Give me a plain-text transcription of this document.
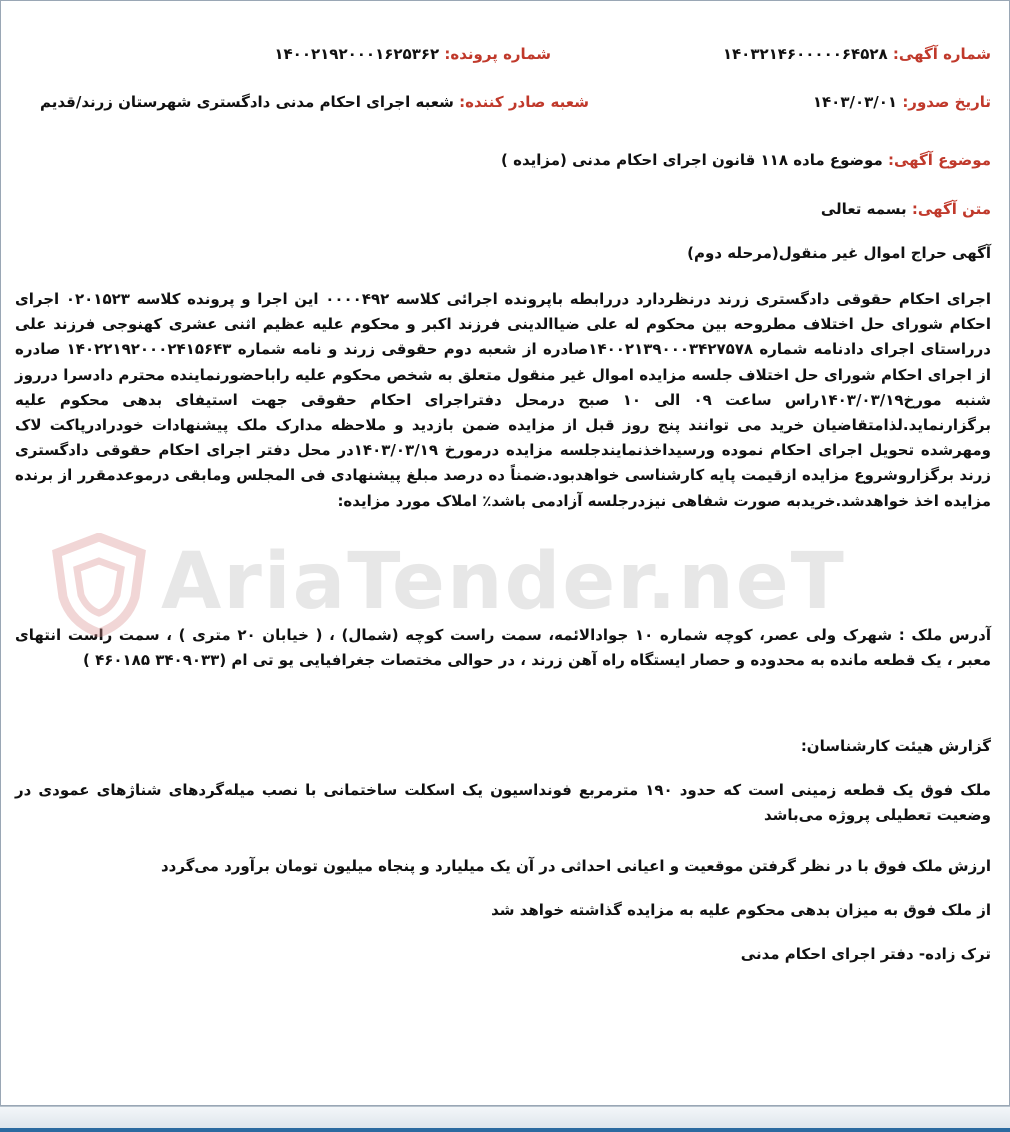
شماره آگهی: ۱۴۰۳۲۱۴۶۰۰۰۰۰۶۴۵۲۸
شماره پرونده: ۱۴۰۰۲۱۹۲۰۰۰۱۶۲۵۳۶۲
تاریخ صدور: ۱۴۰۳/۰۳/۰۱
شعبه صادر کننده: شعبه اجرای احکام مدنی دادگستری شهرستان زرند/قدیم
موضوع آگهی: موضوع ماده ۱۱۸ قانون اجرای احکام مدنی (مزایده )
متن آگهی: بسمه تعالی
آگهی حراج اموال غیر منقول(مرحله دوم)
اجرای احکام حقوقی دادگستری زرند درنظردارد دررابطه باپرونده اجرائی کلاسه ۰۰۰۰۴۹۲ این اجرا و پرونده کلاسه ۰۲۰۱۵۲۳ اجرای احکام شورای حل اختلاف مطروحه بین محکوم له علی ضیاالدینی فرزند اکبر و محکوم علیه عظیم اثنی عشری کهنوجی فرزند علی درراستای اجرای دادنامه شماره ۱۴۰۰۲۱۳۹۰۰۰۳۴۲۷۵۷۸صادره از شعبه دوم حقوقی زرند و نامه شماره ۱۴۰۲۲۱۹۲۰۰۰۲۴۱۵۶۴۳ صادره از اجرای احکام شورای حل اختلاف جلسه مزایده اموال غیر منقول متعلق به شخص محکوم علیه راباحضورنماینده محترم دادسرا درروز شنبه مورخ۱۴۰۳/۰۳/۱۹راس ساعت ۰۹ الی ۱۰ صبح درمحل دفتراجرای احکام حقوقی جهت استیفای بدهی محکوم علیه برگزارنماید.لذامتقاضیان خرید می توانند پنج روز قبل از مزایده ضمن بازدید و ملاحظه مدارک ملک پیشنهادات خودرادرپاکت لاک ومهرشده تحویل اجرای احکام نموده ورسیداخذنمایندجلسه مزایده درمورخ ۱۴۰۳/۰۳/۱۹در محل دفتر اجرای احکام حقوقی دادگستری زرند برگزاروشروع مزایده ازقیمت پایه کارشناسی خواهدبود.ضمناً ده درصد مبلغ پیشنهادی فی المجلس ومابقی درموعدمقرر از برنده مزایده اخذ خواهدشد.خریدبه صورت شفاهی نیزدرجلسه آزادمی باشد٪ املاک مورد مزایده:
آدرس ملک : شهرک ولی عصر، کوچه شماره ۱۰ جوادالائمه، سمت راست کوچه (شمال) ، ( خیابان ۲۰ متری ) ، سمت راست انتهای معبر ، یک قطعه مانده به محدوده و حصار ایستگاه راه آهن زرند ، در حوالی مختصات جغرافیایی یو تی ام (۳۴۰۹۰۳۳ ۴۶۰۱۸۵ )
گزارش هیئت کارشناسان:
ملک فوق یک قطعه زمینی است که حدود ۱۹۰ مترمربع فونداسیون یک اسکلت ساختمانی با نصب میله‌گردهای شناژهای عمودی در وضعیت تعطیلی پروژه می‌باشد
ارزش ملک فوق با در نظر گرفتن موقعیت و اعیانی احداثی در آن یک میلیارد و پنجاه میلیون تومان برآورد می‌گردد
از ملک فوق به میزان بدهی محکوم علیه به مزایده گذاشته خواهد شد
ترک زاده- دفتر اجرای احکام مدنی
AriaTender.neT
